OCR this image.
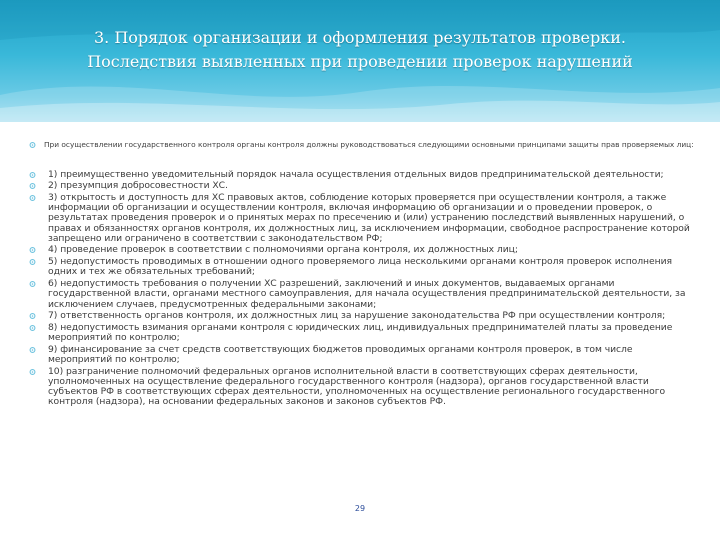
3. Порядок организации и оформления результатов проверки.
Последствия выявленных при проведении проверок нарушений
При осуществлении государственного контроля органы контроля должны руководствоваться следующими основными принципами защиты прав проверяемых лиц:
1) преимущественно уведомительный порядок начала осуществления отдельных видов предпринимательской деятельности;
2) презумпция добросовестности ХС.
3) открытость и доступность для ХС правовых актов, соблюдение которых проверяется при осуществлении контроля, а также информации об организации и осуществлении контроля, включая информацию об организации и о проведении проверок, о результатах проведения проверок и о принятых мерах по пресечению и (или) устранению последствий выявленных нарушений, о правах и обязанностях органов контроля, их должностных лиц, за исключением информации, свободное распространение которой запрещено или ограничено в соответствии с законодательством РФ;
4) проведение проверок в соответствии с полномочиями органа контроля, их должностных лиц;
5) недопустимость проводимых в отношении одного проверяемого лица несколькими органами контроля проверок исполнения одних и тех же обязательных требований;
6) недопустимость требования о получении ХС разрешений, заключений и иных документов, выдаваемых органами государственной власти, органами местного самоуправления, для начала осуществления предпринимательской деятельности, за исключением случаев, предусмотренных федеральными законами;
7) ответственность органов контроля, их должностных лиц за нарушение законодательства РФ при осуществлении контроля;
8) недопустимость взимания органами контроля с юридических лиц, индивидуальных предпринимателей платы за проведение мероприятий по контролю;
9) финансирование за счет средств соответствующих бюджетов проводимых органами контроля проверок, в том числе мероприятий по контролю;
10) разграничение полномочий федеральных органов исполнительной власти в соответствующих сферах деятельности, уполномоченных на осуществление федерального государственного контроля (надзора), органов государственной власти субъектов РФ в соответствующих сферах деятельности, уполномоченных на осуществление регионального государственного контроля (надзора), на основании федеральных законов и законов субъектов РФ.
29
